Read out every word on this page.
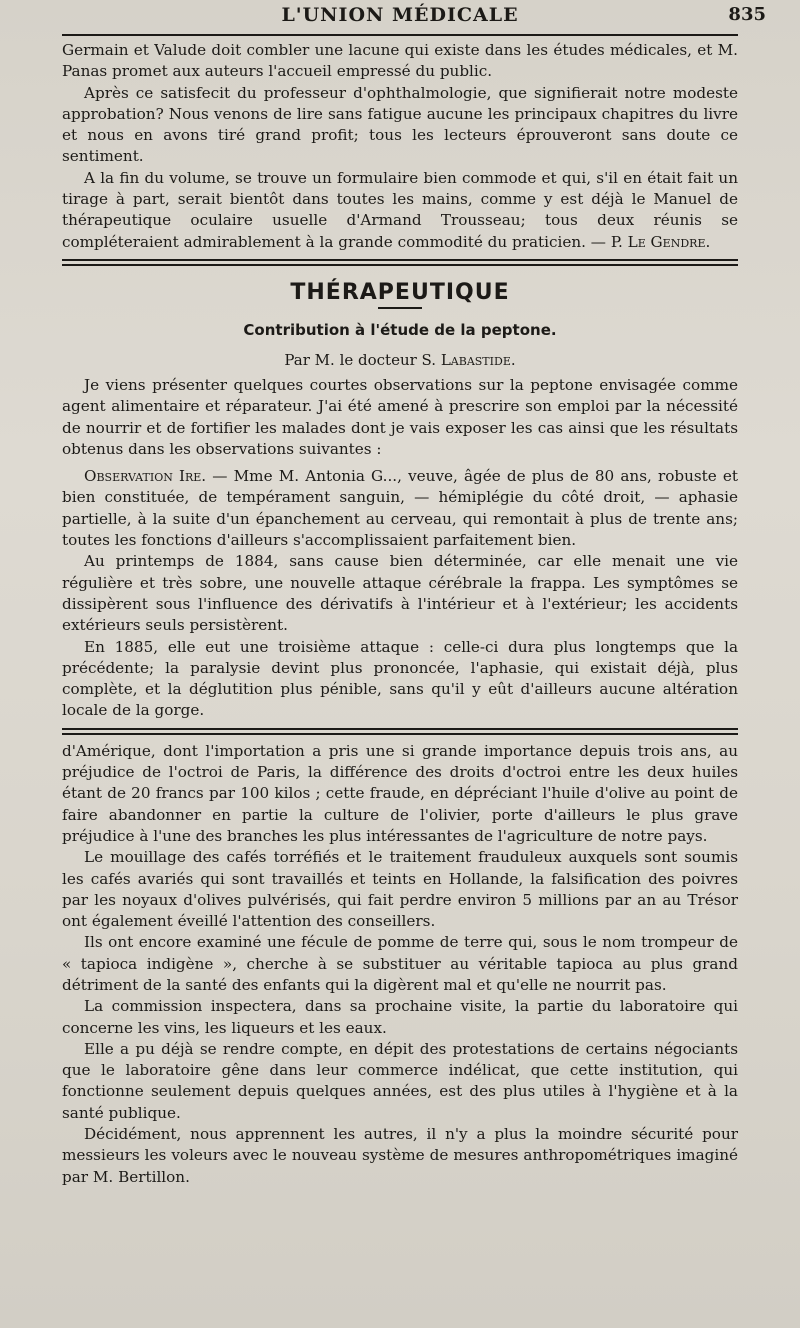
L'UNION MÉDICALE	835

Germain et Valude doit combler une lacune qui existe dans les études médicales, et M. Panas promet aux auteurs l'accueil empressé du public.

Après ce satisfecit du professeur d'ophthalmologie, que signifierait notre modeste approbation? Nous venons de lire sans fatigue aucune les principaux chapitres du livre et nous en avons tiré grand profit; tous les lecteurs éprouveront sans doute ce sentiment.

A la fin du volume, se trouve un formulaire bien commode et qui, s'il en était fait un tirage à part, serait bientôt dans toutes les mains, comme y est déjà le Manuel de thérapeutique oculaire usuelle d'Armand Trousseau; tous deux réunis se compléteraient admirablement à la grande commodité du praticien. — P. Le Gendre.

THÉRAPEUTIQUE
Contribution à l'étude de la peptone.
Par M. le docteur S. Labastide.

Je viens présenter quelques courtes observations sur la peptone envisagée comme agent alimentaire et réparateur. J'ai été amené à prescrire son emploi par la nécessité de nourrir et de fortifier les malades dont je vais exposer les cas ainsi que les résultats obtenus dans les observations suivantes :

Observation Ire. — Mme M. Antonia G..., veuve, âgée de plus de 80 ans, robuste et bien constituée, de tempérament sanguin, — hémiplégie du côté droit, — aphasie partielle, à la suite d'un épanchement au cerveau, qui remontait à plus de trente ans; toutes les fonctions d'ailleurs s'accomplissaient parfaitement bien.

Au printemps de 1884, sans cause bien déterminée, car elle menait une vie régulière et très sobre, une nouvelle attaque cérébrale la frappa. Les symptômes se dissipèrent sous l'influence des dérivatifs à l'intérieur et à l'extérieur; les accidents extérieurs seuls persistèrent.

En 1885, elle eut une troisième attaque : celle-ci dura plus longtemps que la précédente; la paralysie devint plus prononcée, l'aphasie, qui existait déjà, plus complète, et la déglutition plus pénible, sans qu'il y eût d'ailleurs aucune altération locale de la gorge.

d'Amérique, dont l'importation a pris une si grande importance depuis trois ans, au préjudice de l'octroi de Paris, la différence des droits d'octroi entre les deux huiles étant de 20 francs par 100 kilos ; cette fraude, en dépréciant l'huile d'olive au point de faire abandonner en partie la culture de l'olivier, porte d'ailleurs le plus grave préjudice à l'une des branches les plus intéressantes de l'agriculture de notre pays.

Le mouillage des cafés torréfiés et le traitement frauduleux auxquels sont soumis les cafés avariés qui sont travaillés et teints en Hollande, la falsification des poivres par les noyaux d'olives pulvérisés, qui fait perdre environ 5 millions par an au Trésor ont également éveillé l'attention des conseillers.

Ils ont encore examiné une fécule de pomme de terre qui, sous le nom trompeur de « tapioca indigène », cherche à se substituer au véritable tapioca au plus grand détriment de la santé des enfants qui la digèrent mal et qu'elle ne nourrit pas.

La commission inspectera, dans sa prochaine visite, la partie du laboratoire qui concerne les vins, les liqueurs et les eaux.

Elle a pu déjà se rendre compte, en dépit des protestations de certains négociants que le laboratoire gêne dans leur commerce indélicat, que cette institution, qui fonctionne seulement depuis quelques années, est des plus utiles à l'hygiène et à la santé publique.

Décidément, nous apprennent les autres, il n'y a plus la moindre sécurité pour messieurs les voleurs avec le nouveau système de mesures anthropométriques imaginé par M. Bertillon.
